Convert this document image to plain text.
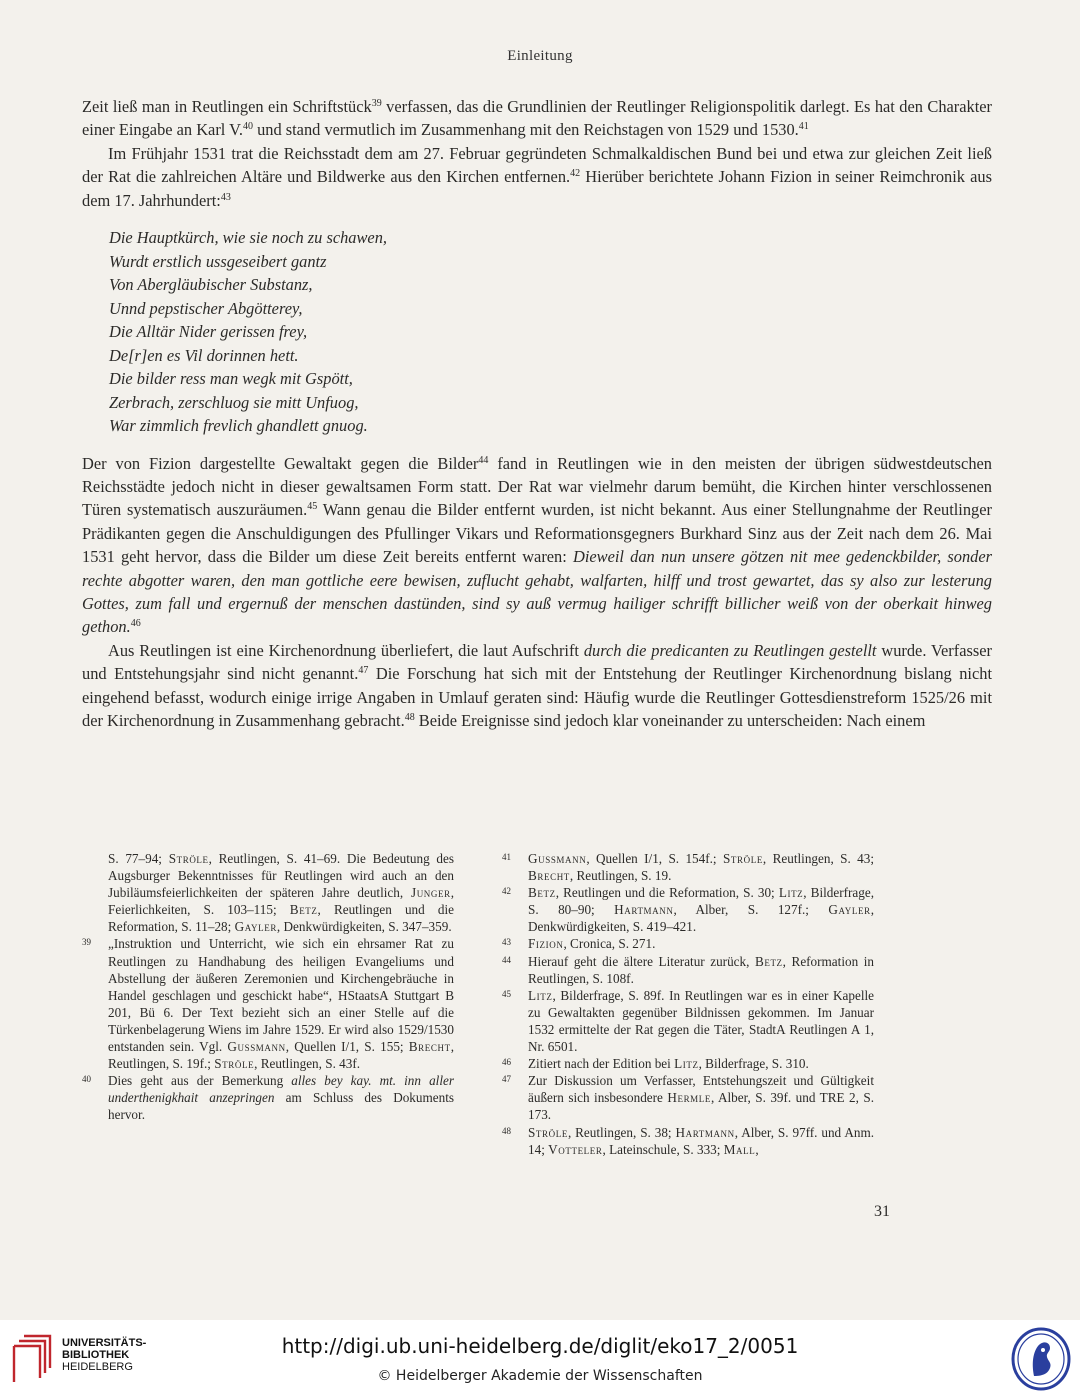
Einleitung

Zeit ließ man in Reutlingen ein Schriftstück$^{39}$ verfassen, das die Grundlinien der Reutlinger Religionspolitik darlegt. Es hat den Charakter einer Eingabe an Karl V.$^{40}$ und stand vermutlich im Zusammenhang mit den Reichstagen von 1529 und 1530.41

Im Frühjahr 1531 trat die Reichsstadt dem am 27. Februar gegründeten Schmalkaldischen Bund bei und etwa zur gleichen Zeit ließ der Rat die zahlreichen Altäre und Bildwerke aus den Kirchen entfernen.$^{42}$ Hierüber berichtete Johann Fizion in seiner Reimchronik aus dem 17. Jahrhundert:$^{43}$

Die Hauptkürch, wie sie noch zu schawen,
Wurdt erstlich ussgeseibert gantz
Von Abergläubischer Substanz,
Unnd pepstischer Abgötterey,
Die Alltär Nider gerissen frey,
De[r]en es Vil dorinnen hett.
Die bilder ress man wegk mit Gspött,
Zerbrach, zerschluog sie mitt Unfuog,
War zimmlich frevlich ghandlett gnuog.

Der von Fizion dargestellte Gewaltakt gegen die Bilder$^{44}$ fand in Reutlingen wie in den meisten der übrigen südwestdeutschen Reichsstädte jedoch nicht in dieser gewaltsamen Form statt. Der Rat war vielmehr darum bemüht, die Kirchen hinter verschlossenen Türen systematisch auszuräumen.$^{45}$ Wann genau die Bilder entfernt wurden, ist nicht bekannt. Aus einer Stellungnahme der Reutlinger Prädikanten gegen die Anschuldigungen des Pfullinger Vikars und Reformationsgegners Burkhard Sinz aus der Zeit nach dem 26. Mai 1531 geht hervor, dass die Bilder um diese Zeit bereits entfernt waren: Dieweil dan nun unsere götzen nit mee gedenckbilder, sonder rechte abgotter waren, den man gottliche eere bewisen, zuflucht gehabt, walfarten, hilff und trost gewartet, das sy also zur lesterung Gottes, zum fall und ergernuß der menschen dastünden, sind sy auß vermug hailiger schrifft billicher weiß von der oberkait hinweg gethon.$^{46}$

Aus Reutlingen ist eine Kirchenordnung überliefert, die laut Aufschrift durch die predicanten zu Reutlingen gestellt wurde. Verfasser und Entstehungsjahr sind nicht genannt.$^{47}$ Die Forschung hat sich mit der Entstehung der Reutlinger Kirchenordnung bislang nicht eingehend befasst, wodurch einige irrige Angaben in Umlauf geraten sind: Häufig wurde die Reutlinger Gottesdienstreform 1525/26 mit der Kirchenordnung in Zusammenhang gebracht.$^{48}$ Beide Ereignisse sind jedoch klar voneinander zu unterscheiden: Nach einem

S. 77–94; Ströle, Reutlingen, S. 41–69. Die Bedeutung des Augsburger Bekenntnisses für Reutlingen wird auch an den Jubiläumsfeierlichkeiten der späteren Jahre deutlich, Junger, Feierlichkeiten, S. 103–115; Betz, Reutlingen und die Reformation, S. 11–28; Gayler, Denkwürdigkeiten, S. 347–359.

39 „Instruktion und Unterricht, wie sich ein ehrsamer Rat zu Reutlingen zu Handhabung des heiligen Evangeliums und Abstellung der äußeren Zeremonien und Kirchengebräuche in Handel geschlagen und geschickt habe“, HStaatsA Stuttgart B 201, Bü 6. Der Text bezieht sich an einer Stelle auf die Türkenbelagerung Wiens im Jahre 1529. Er wird also 1529/1530 entstanden sein. Vgl. Gussmann, Quellen I/1, S. 155; Brecht, Reutlingen, S. 19f.; Ströle, Reutlingen, S. 43f.

40 Dies geht aus der Bemerkung alles bey kay. mt. inn aller underthenigkhait anzepringen am Schluss des Dokuments hervor.

41 Gussmann, Quellen I/1, S. 154f.; Ströle, Reutlingen, S. 43; Brecht, Reutlingen, S. 19.

42 Betz, Reutlingen und die Reformation, S. 30; Litz, Bilderfrage, S. 80–90; Hartmann, Alber, S. 127f.; Gayler, Denkwürdigkeiten, S. 419–421.

43 Fizion, Cronica, S. 271.

44 Hierauf geht die ältere Literatur zurück, Betz, Reformation in Reutlingen, S. 108f.

45 Litz, Bilderfrage, S. 89f. In Reutlingen war es in einer Kapelle zu Gewaltakten gegenüber Bildnissen gekommen. Im Januar 1532 ermittelte der Rat gegen die Täter, StadtA Reutlingen A 1, Nr. 6501.

46 Zitiert nach der Edition bei Litz, Bilderfrage, S. 310.

47 Zur Diskussion um Verfasser, Entstehungszeit und Gültigkeit äußern sich insbesondere Hermle, Alber, S. 39f. und TRE 2, S. 173.

48 Ströle, Reutlingen, S. 38; Hartmann, Alber, S. 97ff. und Anm. 14; Votteler, Lateinschule, S. 333; Mall,

31
UNIVERSITÄTS-
BIBLIOTHEK
HEIDELBERG
http://digi.ub.uni-heidelberg.de/diglit/eko17_2/0051
© Heidelberger Akademie der Wissenschaften
